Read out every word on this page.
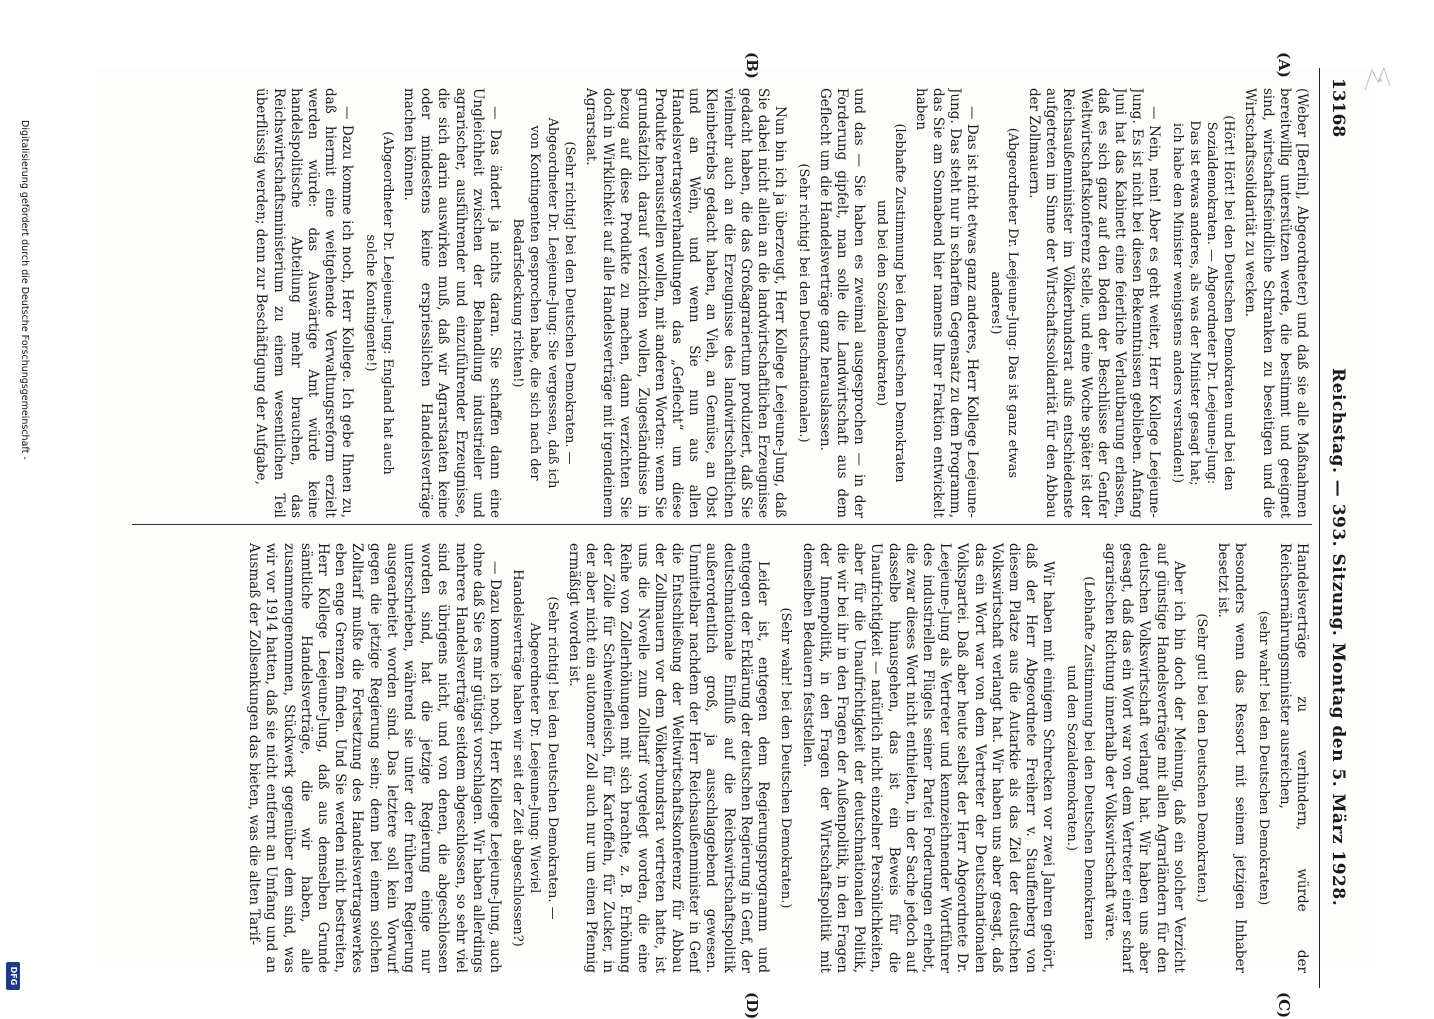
13168
Reichstag. — 393. Sitzung. Montag den 5. März 1928.
(A)
(B)
(C)
(D)
(Weber [Berlin], Abgeordneter) und daß sie alle Maßnahmen bereitwillig unterstützen werde, die bestimmt und geeignet sind, wirtschaftsfeindliche Schranken zu beseitigen und die Wirtschaftssolidarität zu wecken.
(Hört! Hört! bei den Deutschen Demokraten und bei den Sozialdemokraten. — Abgeordneter Dr. Leejeune-Jung: Das ist etwas anderes, als was der Minister gesagt hat; ich habe den Minister wenigstens anders verstanden!)
— Nein, nein! Aber es geht weiter, Herr Kollege Leejeune-Jung. Es ist nicht bei diesen Bekenntnissen geblieben. Anfang Juni hat das Kabinett eine feierliche Verlautbarung erlassen, daß es sich ganz auf den Boden der Beschlüsse der Genfer Weltwirtschaftskonferenz stelle, und eine Woche später ist der Reichsaußenminister im Völkerbundsrat aufs entschiedenste aufgetreten im Sinne der Wirtschaftssolidarität für den Abbau der Zollmauern.
(Abgeordneter Dr. Leejeune-Jung: Das ist ganz etwas anderes!)
— Das ist nicht etwas ganz anderes, Herr Kollege Leejeune-Jung. Das steht nur in scharfem Gegensatz zu dem Programm, das Sie am Sonnabend hier namens Ihrer Fraktion entwickelt haben
(lebhafte Zustimmung bei den Deutschen Demokraten und bei den Sozialdemokraten)
und das — Sie haben es zweimal ausgesprochen — in der Forderung gipfelt, man solle die Landwirtschaft aus dem Geflecht um die Handelsverträge ganz herauslassen.
(Sehr richtig! bei den Deutschnationalen.)
Nun bin ich ja überzeugt, Herr Kollege Leejeune-Jung, daß Sie dabei nicht allein an die landwirtschaftlichen Erzeugnisse gedacht haben, die das Großagrariertum produziert, daß Sie vielmehr auch an die Erzeugnisse des landwirtschaftlichen Kleinbetriebs gedacht haben, an Vieh, an Gemüse, an Obst und an Wein, und wenn Sie nun aus allen Handelsvertragsverhandlungen das „Geflecht“ um diese Produkte herausstellen wollen, mit anderen Worten: wenn Sie grundsätzlich darauf verzichten wollen, Zugeständnisse in bezug auf diese Produkte zu machen, dann verzichten Sie doch in Wirklichkeit auf alle Handelsverträge mit irgendeinem Agrarstaat.
(Sehr richtig! bei den Deutschen Demokraten. — Abgeordneter Dr. Leejeune-Jung: Sie vergessen, daß ich von Kontingenten gesprochen habe, die sich nach der Bedarfsdeckung richten!)
— Das ändert ja nichts daran. Sie schaffen dann eine Ungleichheit zwischen der Behandlung industrieller und agrarischer, ausführender und einzuführender Erzeugnisse, die sich darin auswirken muß, daß wir Agrarstaaten keine oder mindestens keine erspriesslichen Handelsverträge machen können.
(Abgeordneter Dr. Leejeune-Jung: England hat auch solche Kontingente!)
— Dazu komme ich noch, Herr Kollege. Ich gebe Ihnen zu, daß hiermit eine weitgehende Verwaltungsreform erzielt werden würde: das Auswärtige Amt würde keine handelspolitische Abteilung mehr brauchen, das Reichswirtschaftsministerium zu einem wesentlichen Teil überflüssig werden; denn zur Beschäftigung der Aufgabe,
Handelsverträge zu verhindern, würde der Reichsernährungsminister ausreichen,
(sehr wahr! bei den Deutschen Demokraten)
besonders wenn das Ressort mit seinem jetzigen Inhaber besetzt ist.
(Sehr gut! bei den Deutschen Demokraten.)
Aber ich bin doch der Meinung, daß ein solcher Verzicht auf günstige Handelsverträge mit allen Agrarländern für den deutschen Volkswirtschaft verlangt hat. Wir haben uns aber gesagt, daß das ein Wort war von dem Vertreter einer scharf agrarischen Richtung innerhalb der Volkswirtschaft wäre.
(Lebhafte Zustimmung bei den Deutschen Demokraten und den Sozialdemokraten.)
Wir haben mit einigem Schrecken vor zwei Jahren gehört, daß der Herr Abgeordnete Freiherr v. Stauffenberg von diesem Platze aus die Autarkie als das Ziel der deutschen Volkswirtschaft verlangt hat. Wir haben uns aber gesagt, daß das ein Wort war von dem Vertreter der Deutschnationalen Volkspartei. Daß aber heute selbst der Herr Abgeordnete Dr. Leejeune-Jung als Vertreter und kennzeichnender Wortführer des industriellen Flügels seiner Partei Forderungen erhebt, die zwar dieses Wort nicht enthielten, in der Sache jedoch auf dasselbe hinausgehen, das ist ein Beweis für die Unaufrichtigkeit — natürlich nicht einzelner Persönlichkeiten, aber für die Unaufrichtigkeit der deutschnationalen Politik, die wir bei ihr in den Fragen der Außenpolitik, in den Fragen der Innenpolitik, in den Fragen der Wirtschaftspolitik mit demselben Bedauern feststellen.
(Sehr wahr! bei den Deutschen Demokraten.)
Leider ist, entgegen dem Regierungsprogramm und entgegen der Erklärung der deutschen Regierung in Genf, der deutschnationale Einfluß auf die Reichswirtschaftspolitik außerordentlich groß, ja ausschlaggebend gewesen. Unmittelbar nachdem der Herr Reichsaußenminister in Genf die Entschließung der Weltwirtschaftskonferenz für Abbau der Zollmauern vor dem Völkerbundsrat vertreten hatte, ist uns die Novelle zum Zolltarif vorgelegt worden, die eine Reihe von Zollerhöhungen mit sich brachte, z. B. Erhöhung der Zölle für Schweinefleisch, für Kartoffeln, für Zucker, in der aber nicht ein autonomer Zoll auch nur um einen Pfennig ermäßigt worden ist.
(Sehr richtig! bei den Deutschen Demokraten. — Abgeordneter Dr. Leejeune-Jung: Wieviel Handelsverträge haben wir seit der Zeit abgeschlossen?)
— Dazu komme ich noch, Herr Kollege Leejeune-Jung, auch ohne daß Sie es mir gütigst vorschlagen. Wir haben allerdings mehrere Handelsverträge seitdem abgeschlossen, so sehr viel sind es übrigens nicht, und von denen, die abgeschlossen worden sind, hat die jetzige Regierung einige nur unterschrieben, während sie unter der früheren Regierung ausgearbeitet worden sind. Das letztere soll kein Vorwurf gegen die jetzige Regierung sein; denn bei einem solchen Zolltarif mußte die Fortsetzung des Handelsvertragswerkes eben enge Grenzen finden. Und Sie werden nicht bestreiten, Herr Kollege Leejeune-Jung, daß aus demselben Grunde sämtliche Handelsverträge, die wir haben, alle zusammengenommen, Stückwerk gegenüber dem sind, was wir vor 1914 hatten, daß sie nicht entfernt an Umfang und an Ausmaß der Zollsenkungen das bieten, was die alten Tarif-
Digitalisierung gefördert durch die Deutsche Forschungsgemeinschaft -
DFG
